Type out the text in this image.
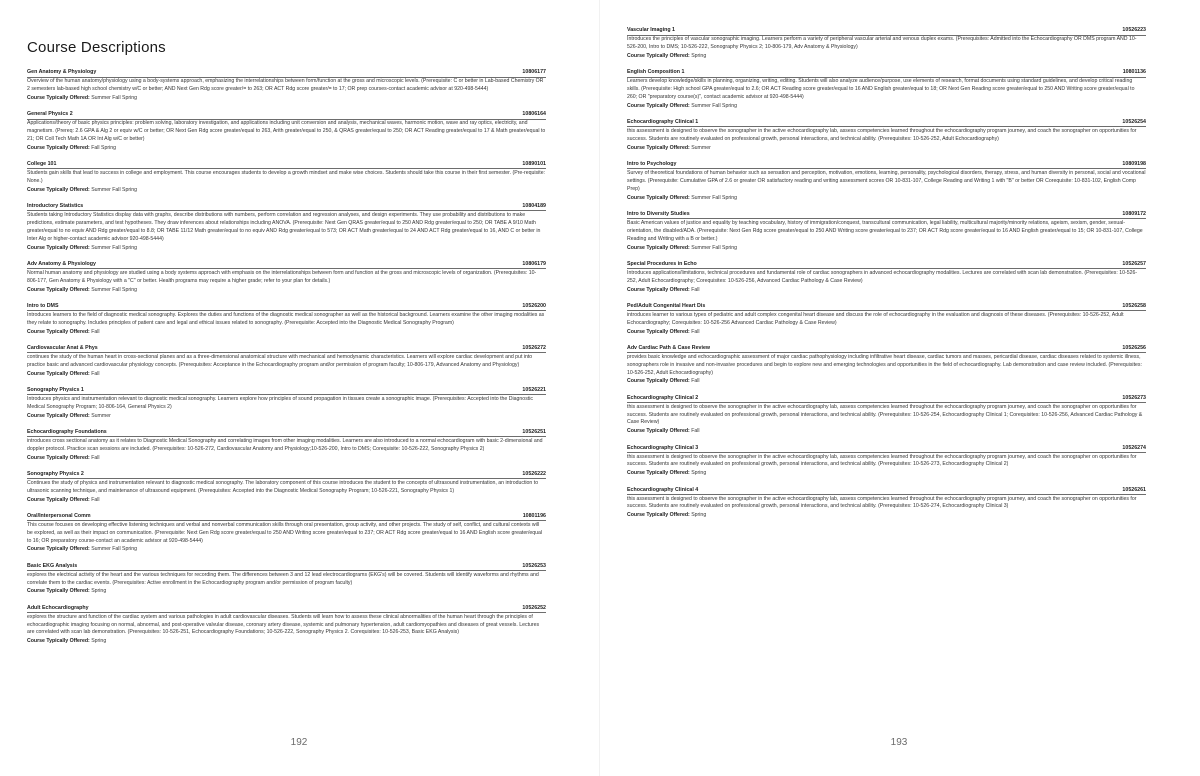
Course Descriptions
Gen Anatomy & Physiology	10806177
Overview of the human anatomy/physiology using a body-systems approach, emphasizing the interrelationships between form/function at the gross and microscopic levels. (Prerequisite: C or better in Lab-based Chemistry OR 2 semesters lab-based high school chemistry w/C or better; AND Next Gen Rdg score greater/= to 263; OR ACT Rdg score greater/= to 17; OR prep courses-contact academic advisor at 920-498-5444)
Course Typically Offered: Summer Fall Spring
General Physics 2	10806164
Applications/theory of basic physics principles: problem solving, laboratory investigation, and applications including unit conversion and analysis, mechanical waves, harmonic motion, wave and ray optics, electricity, and magnetism. (Prereq: 2.6 GPA & Alg 2 or equiv w/C or better; OR Next Gen Rdg score greater/equal to 263, Arith greater/equal to 250, & QRAS greater/equal to 250; OR ACT Reading greater/equal to 17 & Math greater/equal to 21; OR Coll Tech Math 1A OR Int Alg w/C or better)
Course Typically Offered: Fall Spring
College 101	10890101
Students gain skills that lead to success in college and employment. This course encourages students to develop a growth mindset and make wise choices. Students should take this course in their first semester. (Pre-requisite: None.)
Course Typically Offered: Summer Fall Spring
Introductory Statistics	10804189
Students taking Introductory Statistics display data with graphs, describe distributions with numbers, perform correlation and regression analyses, and design experiments. They use probability and distributions to make predictions, estimate parameters, and test hypotheses. They draw inferences about relationships including ANOVA. (Prerequisite: Next Gen QRAS greater/equal to 250 AND Rdg greater/equal to 250; OR TABE A 9/10 Math greater/equal to no equiv AND Rdg greater/equal to 8.8; OR TABE 11/12 Math greater/equal to no equiv AND Rdg greater/equal to 573; OR ACT Math greater/equal to 24 AND ACT Rdg greater/equal to 16, AND C or better in Inter Alg or higher-contact academic advisor 920-498-5444)
Course Typically Offered: Summer Fall Spring
Adv Anatomy & Physiology	10806179
Normal human anatomy and physiology are studied using a body systems approach with emphasis on the interrelationships between form and function at the gross and microscopic levels of organization. (Prerequisites: 10-806-177, Gen Anatomy & Physiology with a "C" or better. Health programs may require a higher grade; refer to your plan for details.)
Course Typically Offered: Summer Fall Spring
Intro to DMS	10526200
Introduces learners to the field of diagnostic medical sonography. Explores the duties and functions of the diagnostic medical sonographer as well as the historical background. Learners examine the other imaging modalities as they relate to sonography. Includes principles of patient care and legal and ethical issues related to sonography. (Prerequisite: Accepted into the Diagnostic Medical Sonography Program)
Course Typically Offered: Fall
Cardiovascular Anat & Phys	10526272
continues the study of the human heart in cross-sectional planes and as a three-dimensional anatomical structure with mechanical and hemodynamic characteristics. Learners will explore cardiac development and put into practice basic and advanced cardiovascular physiology concepts. (Prerequisites: Acceptance in the Echocardiography program and/or permission of program faculty; 10-806-179, Advanced Anatomy and Physiology)
Course Typically Offered: Fall
Sonography Physics 1	10526221
Introduces physics and instrumentation relevant to diagnostic medical sonography. Learners explore how principles of sound propagation in tissues create a sonographic image. (Prerequisites: Accepted into the Diagnostic Medical Sonography Program; 10-806-164, General Physics 2)
Course Typically Offered: Summer
Echocardiography Foundations	10526251
introduces cross sectional anatomy as it relates to Diagnostic Medical Sonography and correlating images from other imaging modalities. Learners are also introduced to a normal echocardiogram with basic 2-dimensional and doppler protocol. Practice scan sessions are included. (Prerequisites: 10-526-272, Cardiovascular Anatomy and Physiology;10-526-200, Intro to DMS; Corequisite: 10-526-222, Sonography Physics 2)
Course Typically Offered: Fall
Sonography Physics 2	10526222
Continues the study of physics and instrumentation relevant to diagnostic medical sonography. The laboratory component of this course introduces the student to the concepts of ultrasound instrumentation, an introduction to ultrasonic scanning technique, and maintenance of ultrasound equipment. (Prerequisites: Accepted into the Diagnostic Medical Sonography Program; 10-526-221, Sonography Physics 1)
Course Typically Offered: Fall
Oral/Interpersonal Comm	10801196
This course focuses on developing effective listening techniques and verbal and nonverbal communication skills through oral presentation, group activity, and other projects. The study of self, conflict, and cultural contexts will be explored, as well as their impact on communication. (Prerequisite: Next Gen Rdg score greater/equal to 250 AND Writing score greater/equal to 237; OR ACT Rdg score greater/equal to 16 AND English score greater/equal to 16; OR preparatory course-contact an academic advisor at 920-498-5444)
Course Typically Offered: Summer Fall Spring
Basic EKG Analysis	10526253
explores the electrical activity of the heart and the various techniques for recording them. The differences between 3 and 12 lead electrocardiograms (EKG's) will be covered. Students will identify waveforms and rhythms and correlate them to the cardiac events. (Prerequisites: Active enrollment in the Echocardiography program and/or permission of program faculty)
Course Typically Offered: Spring
Adult Echocardiography	10526252
explores the structure and function of the cardiac system and various pathologies in adult cardiovascular diseases. Students will learn how to assess these clinical abnormalities of the human heart through the principles of echocardiographic imaging focusing on normal, abnormal, and post-operative valvular disease, coronary artery disease, systemic and pulmonary hypertension, adult cardiomyopathies and diseases of great vessels. Lectures are correlated with scan lab demonstration. (Prerequisites: 10-526-251, Echocardiography Foundations; 10-526-222, Sonography Physics 2. Corequisites: 10-526-253, Basic EKG Analysis)
Course Typically Offered: Spring
192
Vascular Imaging 1	10526223
Introduces the principles of vascular sonographic imaging. Learners perform a variety of peripheral vascular arterial and venous duplex exams. (Prerequisites: Admitted into the Echocardiography OR DMS program AND 10-526-200, Intro to DMS; 10-526-222, Sonography Physics 2; 10-806-179, Adv Anatomy & Physiology)
Course Typically Offered: Spring
English Composition 1	10801136
Learners develop knowledge/skills in planning, organizing, writing, editing. Students will also analyze audience/purpose, use elements of research, format documents using standard guidelines, and develop critical reading skills. (Prerequisite: High school GPA greater/equal to 2.6; OR ACT Reading score greater/equal to 16 AND English greater/equal to 18; OR Next Gen Reading score greater/equal to 250 AND Writing score greater/equal to 260; OR "preparatory course(s)", contact academic advisor at 920-498-5444)
Course Typically Offered: Summer Fall Spring
Echocardiography Clinical 1	10526254
this assessment is designed to observe the sonographer in the active echocardiography lab, assess competencies learned throughout the echocardiography program journey, and coach the sonographer on opportunities for success. Students are routinely evaluated on professional growth, personal interactions, and technical ability. (Prerequisites: 10-526-252, Adult Echocardiography)
Course Typically Offered: Summer
Intro to Psychology	10809198
Survey of theoretical foundations of human behavior such as sensation and perception, motivation, emotions, learning, personality, psychological disorders, therapy, stress, and human diversity in personal, social and vocational settings. (Prerequisite: Cumulative GPA of 2.6 or greater OR satisfactory reading and writing assessment scores OR 10-831-107, College Reading and Writing 1 with "B" or better OR Corequisite: 10-831-102, English Comp Prep)
Course Typically Offered: Summer Fall Spring
Intro to Diversity Studies	10809172
Basic American values of justice and equality by teaching vocabulary, history of immigration/conquest, transcultural communication, legal liability, multicultural majority/minority relations, ageism, sexism, gender, sexual-orientation, the disabled/ADA. (Prerequisite: Next Gen Rdg score greater/equal to 250 AND Writing score greater/equal to 237; OR ACT Rdg score greater/equal to 16 AND English greater/equal to 15; OR 10-831-107, College Reading and Writing with a B or better.)
Course Typically Offered: Summer Fall Spring
Special Procedures in Echo	10526257
Introduces applications/limitations, technical procedures and fundamental role of cardiac sonographers in advanced echocardiography modalities. Lectures are correlated with scan lab demonstration. (Prerequisites: 10-526-252, Adult Echocardiography; Corequisites: 10-526-256, Advanced Cardiac Pathology & Case Review)
Course Typically Offered: Fall
Ped/Adult Congenital Heart Dis	10526258
introduces learner to various types of pediatric and adult complex congenital heart disease and discuss the role of echocardiography in the evaluation and diagnosis of these diseases. (Prerequisites: 10-526-252, Adult Echocardiography; Corequisites: 10-526-256 Advanced Cardiac Pathology & Case Review)
Course Typically Offered: Fall
Adv Cardiac Path & Case Review	10526256
provides basic knowledge and echocardiographic assessment of major cardiac pathophysiology including infiltrative heart disease, cardiac tumors and masses, pericardial disease, cardiac diseases related to systemic illness, sonographers role in invasive and non-invasive procedures and begin to explore new and emerging technologies and opportunities in the field of echocardiography. Lab demonstration and case review included. (Prerequisites: 10-526-252, Adult Echocardiography)
Course Typically Offered: Fall
Echocardiography Clinical 2	10526273
this assessment is designed to observe the sonographer in the active echocardiography lab, assess competencies learned throughout the echocardiography program journey, and coach the sonographer on opportunities for success. Students are routinely evaluated on professional growth, personal interactions, and technical ability. (Prerequisites: 10-526-254, Echocardiography Clinical 1; Corequisites: 10-526-256, Advanced Cardiac Pathology & Case Review)
Course Typically Offered: Fall
Echocardiography Clinical 3	10526274
this assessment is designed to observe the sonographer in the active echocardiography lab, assess competencies learned throughout the echocardiography program journey, and coach the sonographer on opportunities for success. Students are routinely evaluated on professional growth, personal interactions, and technical ability. (Prerequisites: 10-526-273, Echocardiography Clinical 2)
Course Typically Offered: Spring
Echocardiography Clinical 4	10526261
this assessment is designed to observe the sonographer in the active echocardiography lab, assess competencies learned throughout the echocardiography program journey, and coach the sonographer on opportunities for success. Students are routinely evaluated on professional growth, personal interactions, and technical ability. (Prerequisites: 10-526-274, Echocardiography Clinical 3)
Course Typically Offered: Spring
193
